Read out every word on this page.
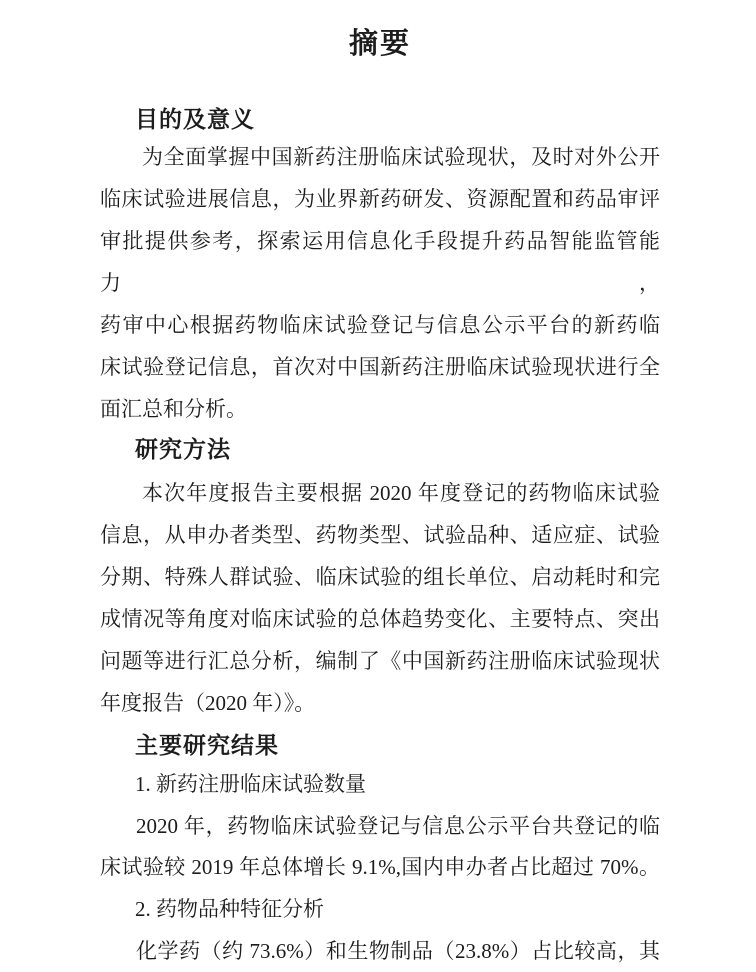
摘要
目的及意义
为全面掌握中国新药注册临床试验现状，及时对外公开
临床试验进展信息，为业界新药研发、资源配置和药品审评
审批提供参考，探索运用信息化手段提升药品智能监管能力，
药审中心根据药物临床试验登记与信息公示平台的新药临
床试验登记信息，首次对中国新药注册临床试验现状进行全
面汇总和分析。
研究方法
本次年度报告主要根据 2020 年度登记的药物临床试验
信息，从申办者类型、药物类型、试验品种、适应症、试验
分期、特殊人群试验、临床试验的组长单位、启动耗时和完
成情况等角度对临床试验的总体趋势变化、主要特点、突出
问题等进行汇总分析，编制了《中国新药注册临床试验现状
年度报告（2020 年）》。
主要研究结果
1. 新药注册临床试验数量
2020 年，药物临床试验登记与信息公示平台共登记的临
床试验较 2019 年总体增长 9.1%,国内申办者占比超过 70%。
2. 药物品种特征分析
化学药（约 73.6%）和生物制品（23.8%）占比较高，其
